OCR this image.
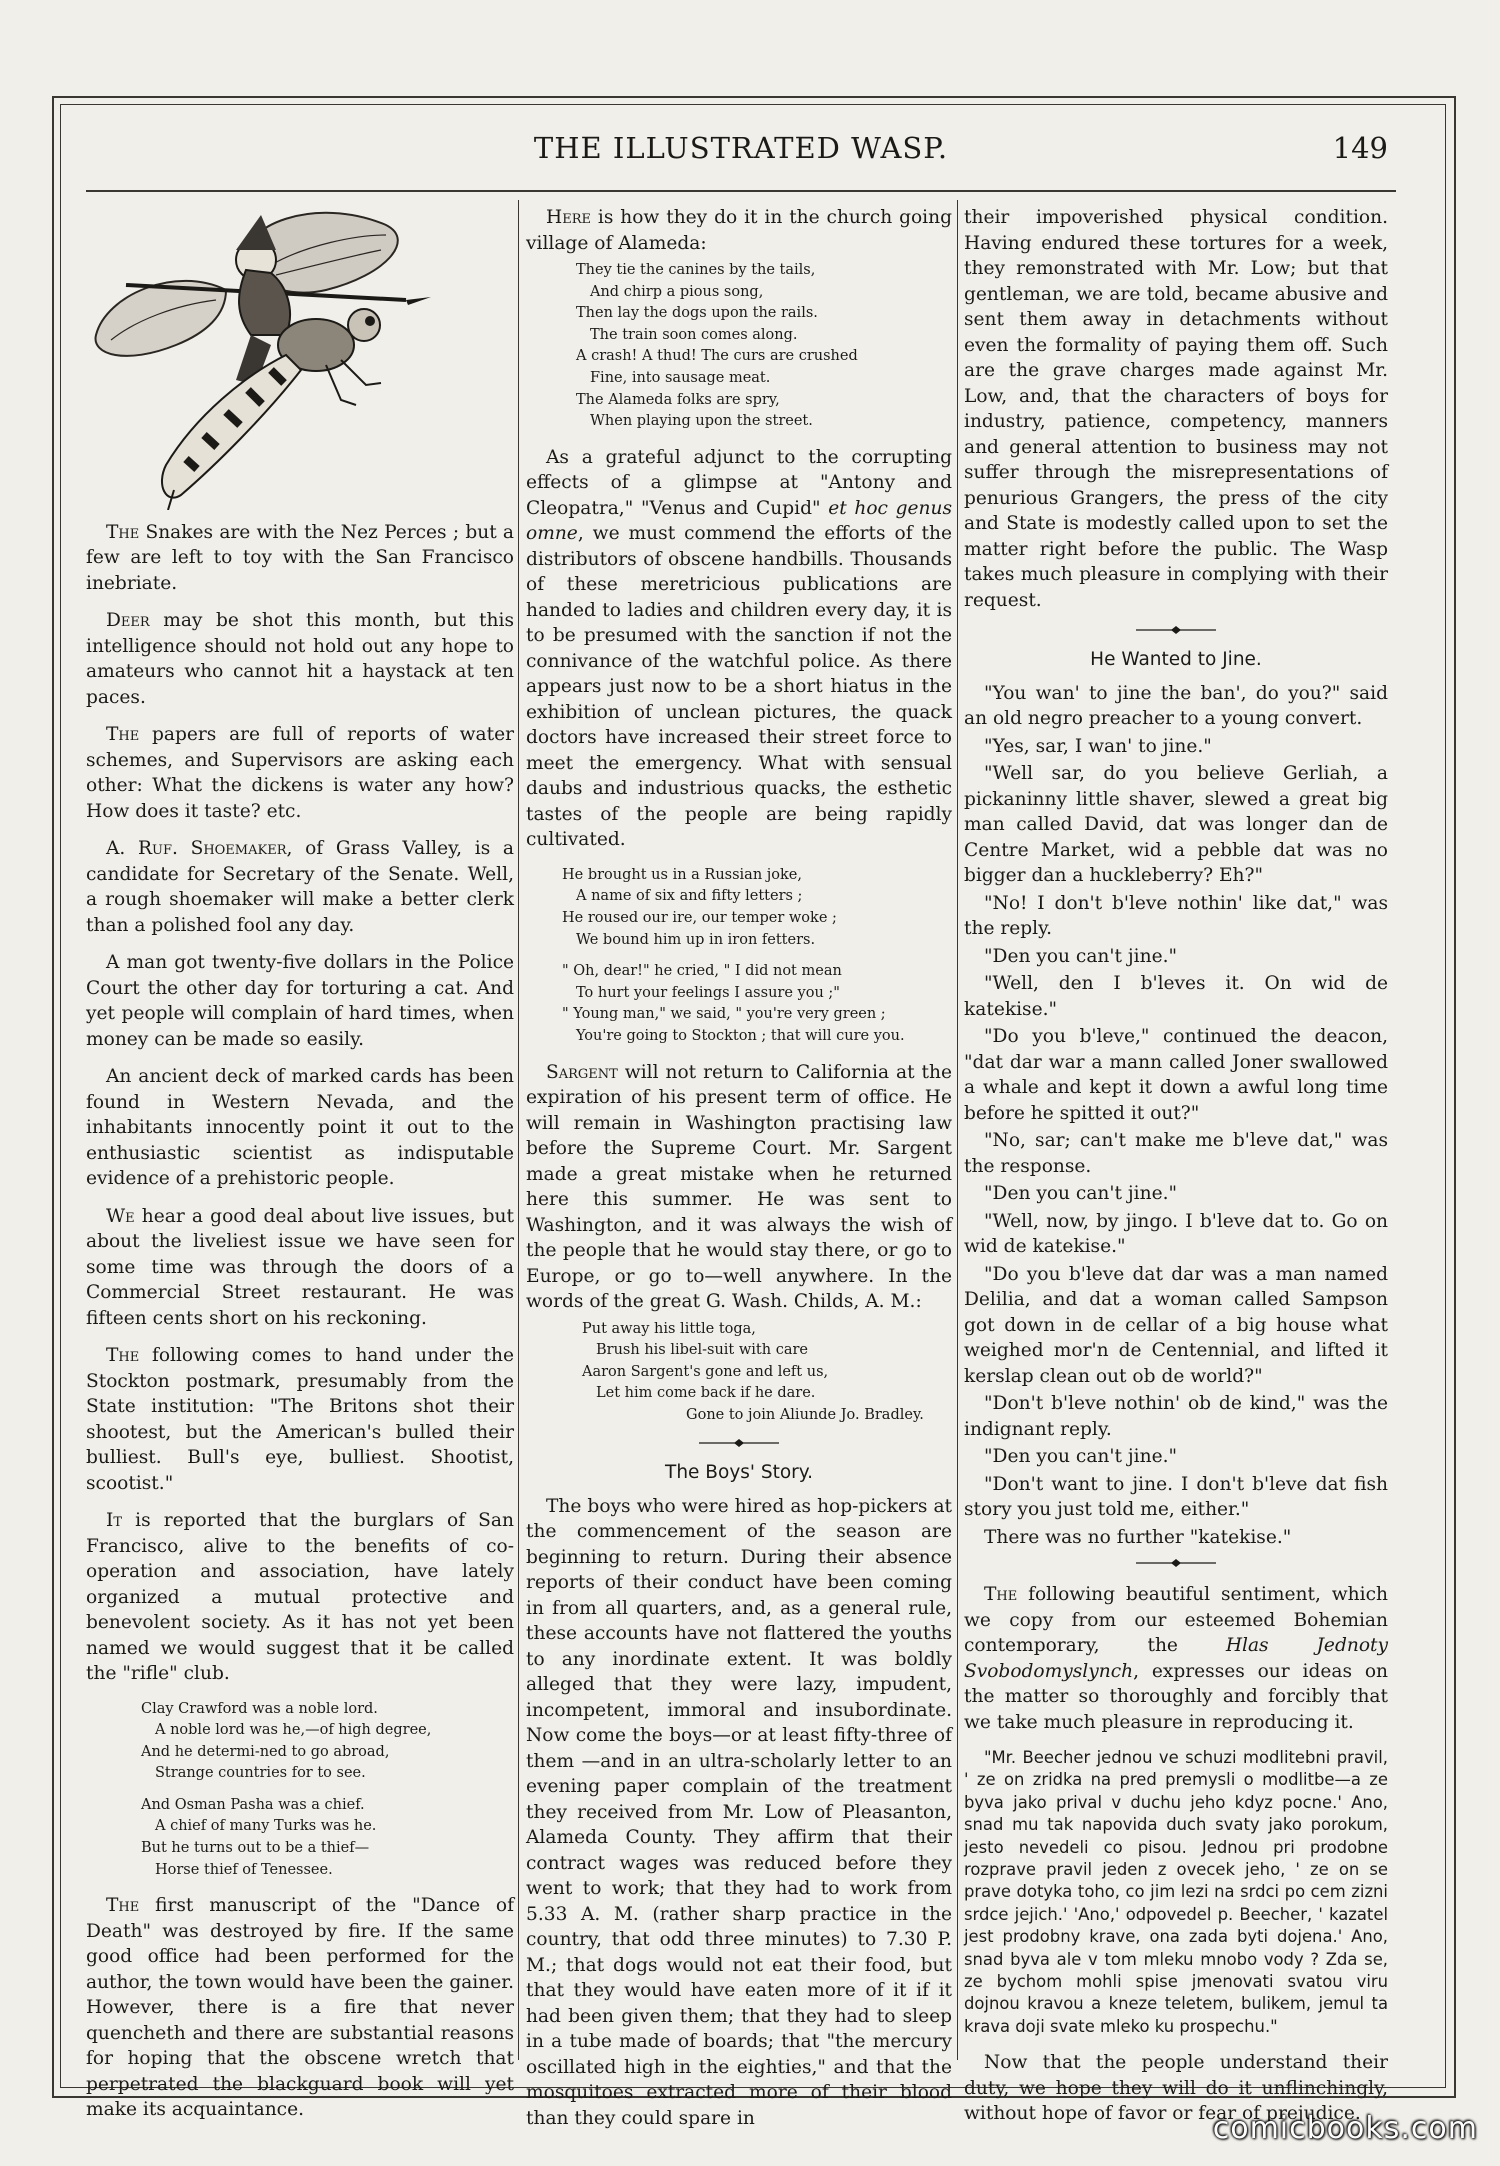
THE ILLUSTRATED WASP.	149

The Snakes are with the Nez Perces ; but a few are left to toy with the San Francisco inebriate.

Deer may be shot this month, but this intelligence should not hold out any hope to amateurs who cannot hit a haystack at ten paces.

The papers are full of reports of water schemes, and Supervisors are asking each other: What the dickens is water any how? How does it taste? etc.

A. Ruf. Shoemaker, of Grass Valley, is a candidate for Secretary of the Senate. Well, a rough shoemaker will make a better clerk than a polished fool any day.

A man got twenty-five dollars in the Police Court the other day for torturing a cat. And yet people will complain of hard times, when money can be made so easily.

An ancient deck of marked cards has been found in Western Nevada, and the inhabitants innocently point it out to the enthusiastic scientist as indisputable evidence of a prehistoric people.

We hear a good deal about live issues, but about the liveliest issue we have seen for some time was through the doors of a Commercial Street restaurant. He was fifteen cents short on his reckoning.

The following comes to hand under the Stockton postmark, presumably from the State institution: "The Britons shot their shootest, but the American's bulled their bulliest. Bull's eye, bulliest. Shootist, scootist."

It is reported that the burglars of San Francisco, alive to the benefits of co-operation and association, have lately organized a mutual protective and benevolent society. As it has not yet been named we would suggest that it be called the "rifle" club.

Clay Crawford was a noble lord.
A noble lord was he,—of high degree,
And he determi-ned to go abroad,
Strange countries for to see.
And Osman Pasha was a chief.
A chief of many Turks was he.
But he turns out to be a thief—
Horse thief of Tenessee.

The first manuscript of the "Dance of Death" was destroyed by fire. If the same good office had been performed for the author, the town would have been the gainer. However, there is a fire that never quencheth and there are substantial reasons for hoping that the obscene wretch that perpetrated the blackguard book will yet make its acquaintance.

Here is how they do it in the church going village of Alameda:

They tie the canines by the tails,
And chirp a pious song,
Then lay the dogs upon the rails.
The train soon comes along.
A crash! A thud! The curs are crushed
Fine, into sausage meat.
The Alameda folks are spry,
When playing upon the street.

As a grateful adjunct to the corrupting effects of a glimpse at "Antony and Cleopatra," "Venus and Cupid" et hoc genus omne, we must commend the efforts of the distributors of obscene handbills. Thousands of these meretricious publications are handed to ladies and children every day, it is to be presumed with the sanction if not the connivance of the watchful police. As there appears just now to be a short hiatus in the exhibition of unclean pictures, the quack doctors have increased their street force to meet the emergency. What with sensual daubs and industrious quacks, the esthetic tastes of the people are being rapidly cultivated.

He brought us in a Russian joke,
A name of six and fifty letters ;
He roused our ire, our temper woke ;
We bound him up in iron fetters.
" Oh, dear!" he cried, " I did not mean
To hurt your feelings I assure you ;"
" Young man," we said, " you're very green ;
You're going to Stockton ; that will cure you.

Sargent will not return to California at the expiration of his present term of office. He will remain in Washington practising law before the Supreme Court. Mr. Sargent made a great mistake when he returned here this summer. He was sent to Washington, and it was always the wish of the people that he would stay there, or go to Europe, or go to—well anywhere. In the words of the great G. Wash. Childs, A. M.:

Put away his little toga,
Brush his libel-suit with care
Aaron Sargent's gone and left us,
Let him come back if he dare.
Gone to join Aliunde Jo. Bradley.
The Boys' Story.

The boys who were hired as hop-pickers at the commencement of the season are beginning to return. During their absence reports of their conduct have been coming in from all quarters, and, as a general rule, these accounts have not flattered the youths to any inordinate extent. It was boldly alleged that they were lazy, impudent, incompetent, immoral and insubordinate. Now come the boys—or at least fifty-three of them —and in an ultra-scholarly letter to an evening paper complain of the treatment they received from Mr. Low of Pleasanton, Alameda County. They affirm that their contract wages was reduced before they went to work; that they had to work from 5.33 A. M. (rather sharp practice in the country, that odd three minutes) to 7.30 P. M.; that dogs would not eat their food, but that they would have eaten more of it if it had been given them; that they had to sleep in a tube made of boards; that "the mercury oscillated high in the eighties," and that the mosquitoes extracted more of their blood than they could spare in

their impoverished physical condition. Having endured these tortures for a week, they remonstrated with Mr. Low; but that gentleman, we are told, became abusive and sent them away in detachments without even the formality of paying them off. Such are the grave charges made against Mr. Low, and, that the characters of boys for industry, patience, competency, manners and general attention to business may not suffer through the misrepresentations of penurious Grangers, the press of the city and State is modestly called upon to set the matter right before the public. The Wasp takes much pleasure in complying with their request.

He Wanted to Jine.

"You wan' to jine the ban', do you?" said an old negro preacher to a young convert.

"Yes, sar, I wan' to jine."

"Well sar, do you believe Gerliah, a pickaninny little shaver, slewed a great big man called David, dat was longer dan de Centre Market, wid a pebble dat was no bigger dan a huckleberry? Eh?"

"No! I don't b'leve nothin' like dat," was the reply.

"Den you can't jine."

"Well, den I b'leves it. On wid de katekise."

"Do you b'leve," continued the deacon, "dat dar war a mann called Joner swallowed a whale and kept it down a awful long time before he spitted it out?"

"No, sar; can't make me b'leve dat," was the response.

"Den you can't jine."

"Well, now, by jingo. I b'leve dat to. Go on wid de katekise."

"Do you b'leve dat dar was a man named Delilia, and dat a woman called Sampson got down in de cellar of a big house what weighed mor'n de Centennial, and lifted it kerslap clean out ob de world?"

"Don't b'leve nothin' ob de kind," was the indignant reply.

"Den you can't jine."

"Don't want to jine. I don't b'leve dat fish story you just told me, either."

There was no further "katekise."

The following beautiful sentiment, which we copy from our esteemed Bohemian contemporary, the Hlas Jednoty Svobodomyslynch, expresses our ideas on the matter so thoroughly and forcibly that we take much pleasure in reproducing it.

"Mr. Beecher jednou ve schuzi modlitebni pravil, ' ze on zridka na pred premysli o modlitbe—a ze byva jako prival v duchu jeho kdyz pocne.' Ano, snad mu tak napovida duch svaty jako porokum, jesto nevedeli co pisou. Jednou pri prodobne rozprave pravil jeden z ovecek jeho, ' ze on se prave dotyka toho, co jim lezi na srdci po cem zizni srdce jejich.' 'Ano,' odpovedel p. Beecher, ' kazatel jest prodobny krave, ona zada byti dojena.' Ano, snad byva ale v tom mleku mnobo vody ? Zda se, ze bychom mohli spise jmenovati svatou viru dojnou kravou a kneze teletem, bulikem, jemul ta krava doji svate mleko ku prospechu."

Now that the people understand their duty, we hope they will do it unflinchingly, without hope of favor or fear of prejudice.

comicbooks.com
